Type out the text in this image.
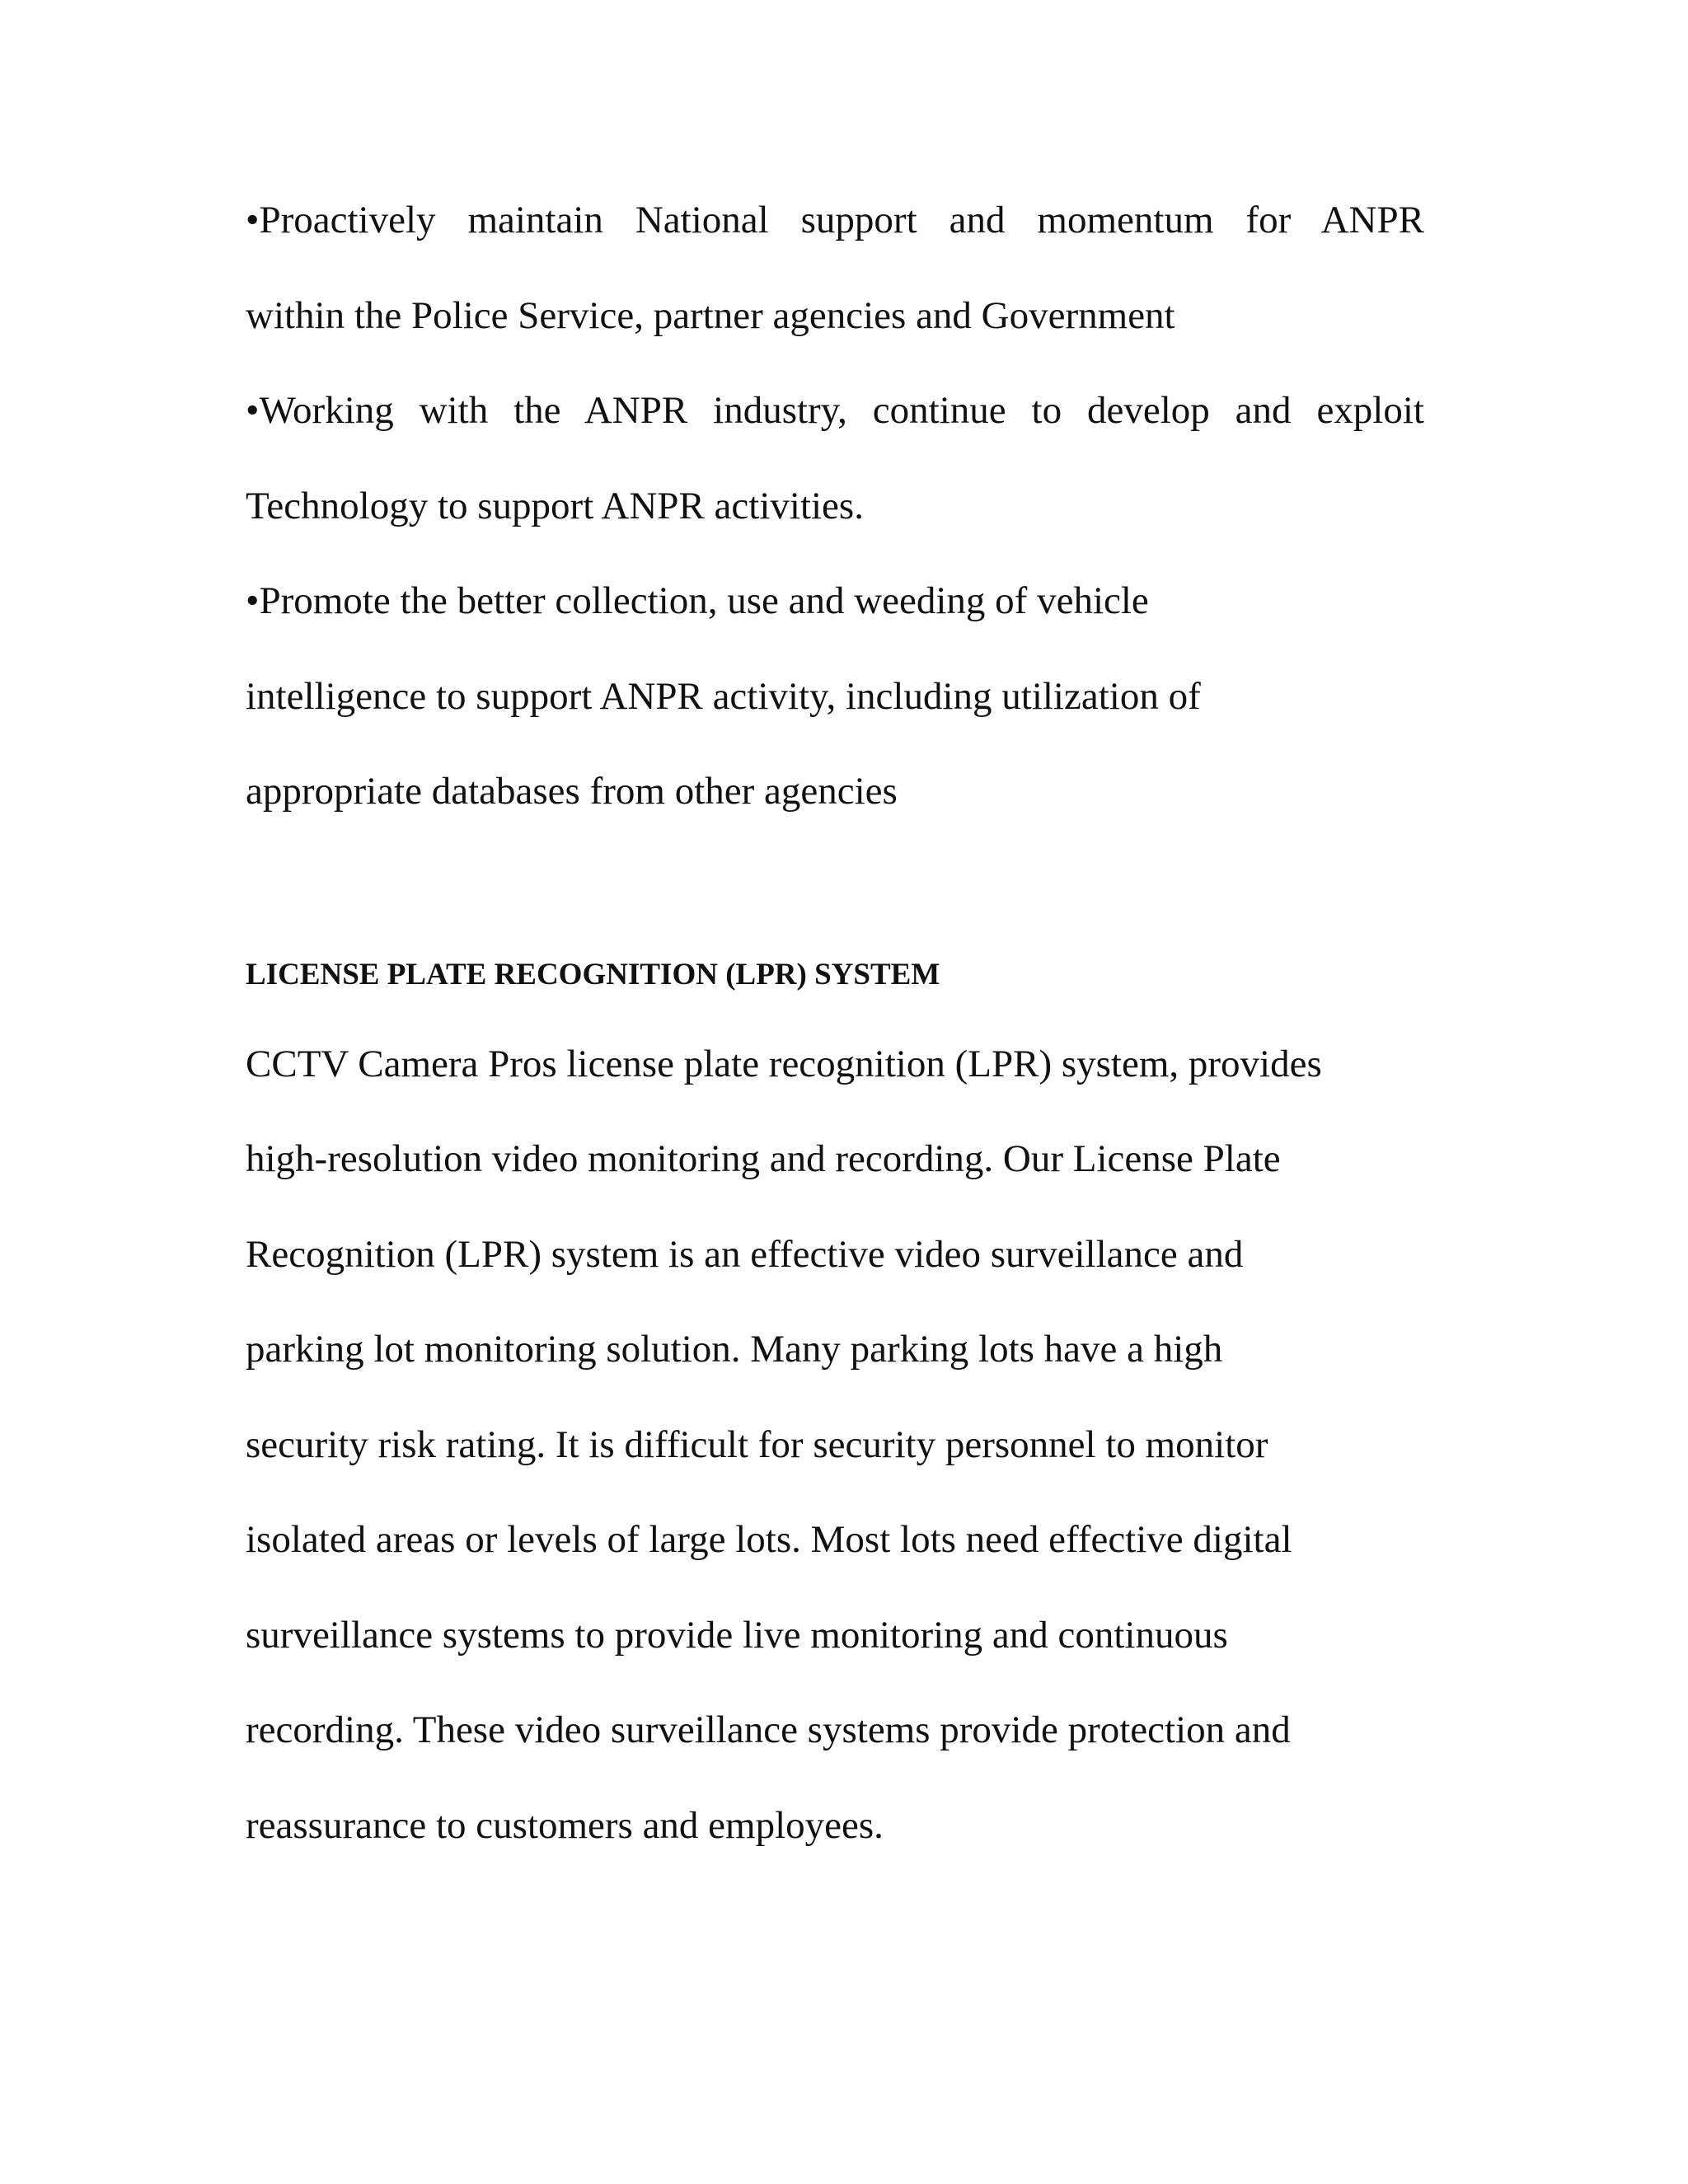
•Proactively maintain National support and momentum for ANPR

within the Police Service, partner agencies and Government

•Working with the ANPR industry, continue to develop and exploit

Technology to support ANPR activities.

•Promote the better collection, use and weeding of vehicle

intelligence to support ANPR activity, including utilization of

appropriate databases from other agencies

LICENSE PLATE RECOGNITION (LPR) SYSTEM

CCTV Camera Pros license plate recognition (LPR) system, provides

high-resolution video monitoring and recording. Our License Plate

Recognition (LPR) system is an effective video surveillance and

parking lot monitoring solution. Many parking lots have a high

security risk rating. It is difficult for security personnel to monitor

isolated areas or levels of large lots. Most lots need effective digital

surveillance systems to provide live monitoring and continuous

recording. These video surveillance systems provide protection and

reassurance to customers and employees.
